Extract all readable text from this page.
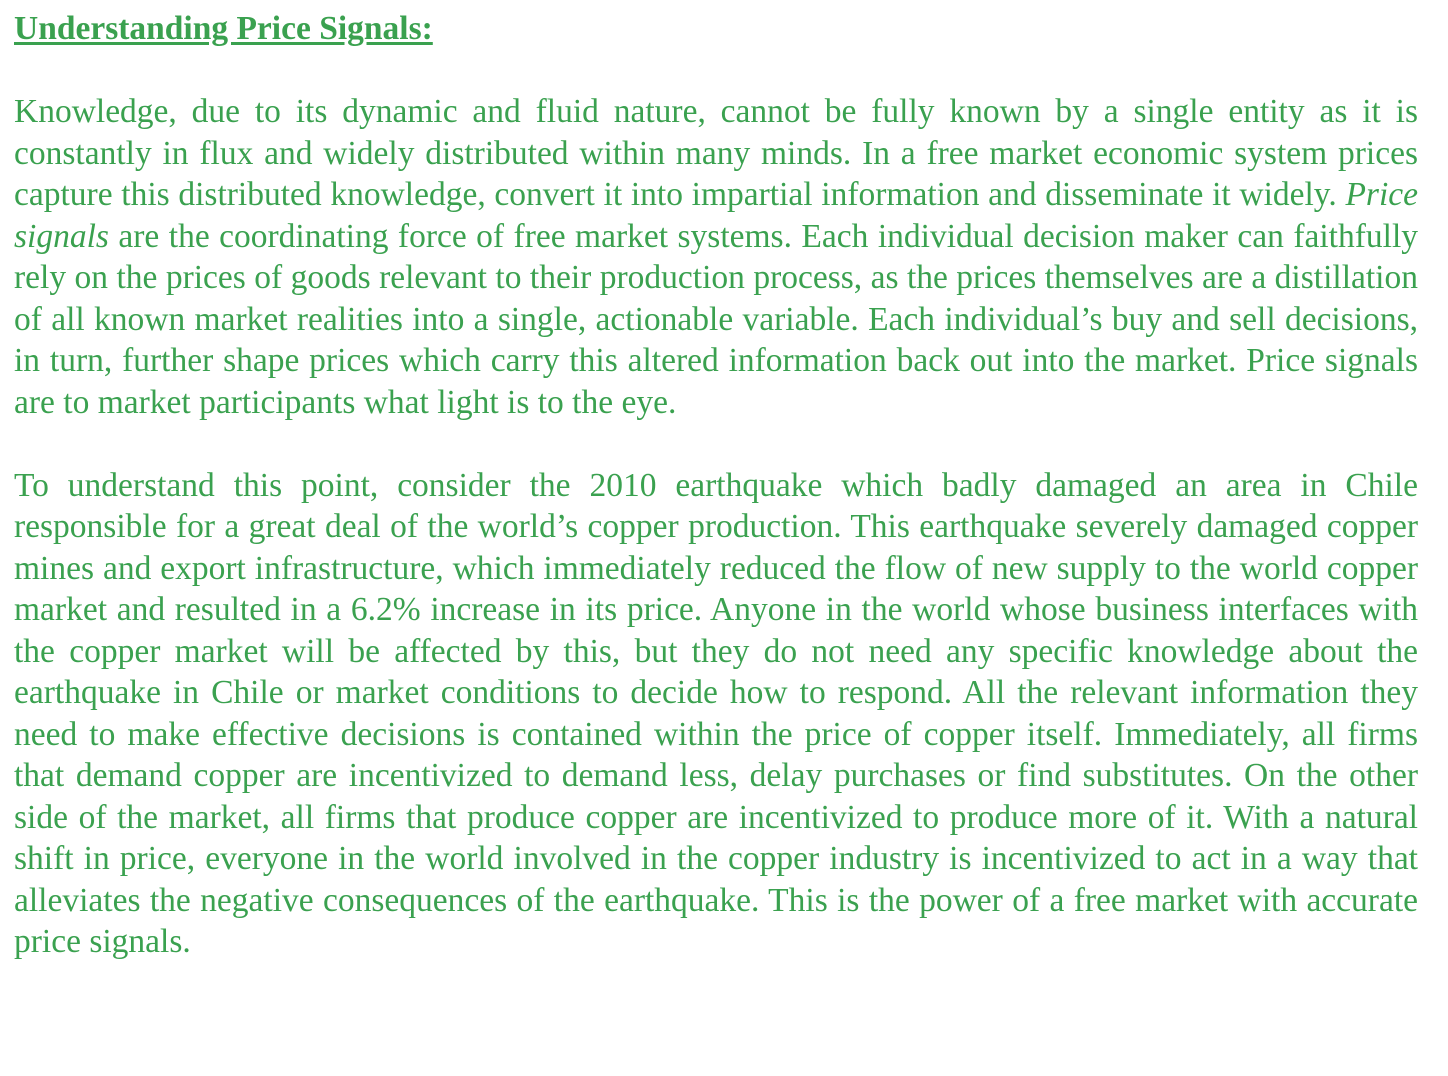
Understanding Price Signals:

Knowledge, due to its dynamic and fluid nature, cannot be fully known by a single entity as it is constantly in flux and widely distributed within many minds. In a free market economic system prices capture this distributed knowledge, convert it into impartial information and disseminate it widely. Price signals are the coordinating force of free market systems. Each individual decision maker can faithfully rely on the prices of goods relevant to their production process, as the prices themselves are a distillation of all known market realities into a single, actionable variable. Each individual’s buy and sell decisions, in turn, further shape prices which carry this altered information back out into the market. Price signals are to market participants what light is to the eye.

To understand this point, consider the 2010 earthquake which badly damaged an area in Chile responsible for a great deal of the world’s copper production. This earthquake severely damaged copper mines and export infrastructure, which immediately reduced the flow of new supply to the world copper market and resulted in a 6.2% increase in its price. Anyone in the world whose business interfaces with the copper market will be affected by this, but they do not need any specific knowledge about the earthquake in Chile or market conditions to decide how to respond. All the relevant information they need to make effective decisions is contained within the price of copper itself. Immediately, all firms that demand copper are incentivized to demand less, delay purchases or find substitutes. On the other side of the market, all firms that produce copper are incentivized to produce more of it. With a natural shift in price, everyone in the world involved in the copper industry is incentivized to act in a way that alleviates the negative consequences of the earthquake. This is the power of a free market with accurate price signals.
